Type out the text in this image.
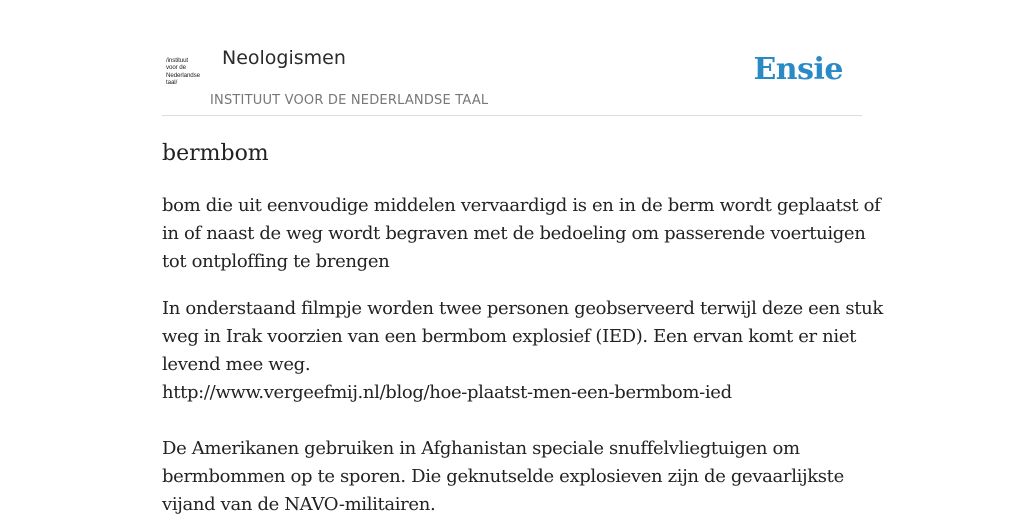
/instituut
voor de
Nederlandse
taal/
Neologismen
INSTITUUT VOOR DE NEDERLANDSE TAAL
Ensie
bermbom
bom die uit eenvoudige middelen vervaardigd is en in de berm wordt geplaatst of
in of naast de weg wordt begraven met de bedoeling om passerende voertuigen
tot ontploffing te brengen
In onderstaand filmpje worden twee personen geobserveerd terwijl deze een stuk
weg in Irak voorzien van een bermbom explosief (IED). Een ervan komt er niet
levend mee weg.
http://www.vergeefmij.nl/blog/hoe-plaatst-men-een-bermbom-ied
De Amerikanen gebruiken in Afghanistan speciale snuffelvliegtuigen om
bermbommen op te sporen. Die geknutselde explosieven zijn de gevaarlijkste
vijand van de NAVO-militairen.
